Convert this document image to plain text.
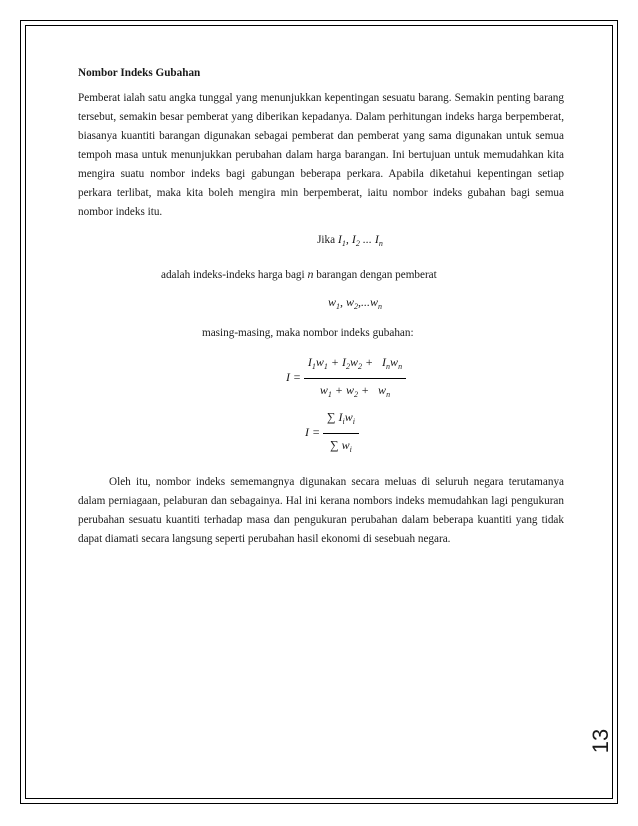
Nombor Indeks Gubahan

Pemberat ialah satu angka tunggal yang menunjukkan kepentingan sesuatu barang. Semakin penting barang tersebut, semakin besar pemberat yang diberikan kepadanya. Dalam perhitungan indeks harga berpemberat, biasanya kuantiti barangan digunakan sebagai pemberat dan pemberat yang sama digunakan untuk semua tempoh masa untuk menunjukkan perubahan dalam harga barangan. Ini bertujuan untuk memudahkan kita mengira suatu nombor indeks bagi gabungan beberapa perkara. Apabila diketahui kepentingan setiap perkara terlibat, maka kita boleh mengira min berpemberat, iaitu nombor indeks gubahan bagi semua nombor indeks itu.

Jika $I_1$, $I_2$ ... $I_n$
adalah indeks-indeks harga bagi n barangan dengan pemberat
$w_1$, $w_2,...w_n$
masing-masing, maka nombor indeks gubahan:
$I = \frac{I_1w_1 + I_2w_2 + I_nw_n}{w_1 + w_2 + w_n}$
$I = \frac{\sum I_iw_i}{\sum w_i}$

Oleh itu, nombor indeks sememangnya digunakan secara meluas di seluruh negara terutamanya dalam perniagaan, pelaburan dan sebagainya. Hal ini kerana nombors indeks memudahkan lagi pengukuran perubahan sesuatu kuantiti terhadap masa dan pengukuran perubahan dalam beberapa kuantiti yang tidak dapat diamati secara langsung seperti perubahan hasil ekonomi di sesebuah negara.

13
